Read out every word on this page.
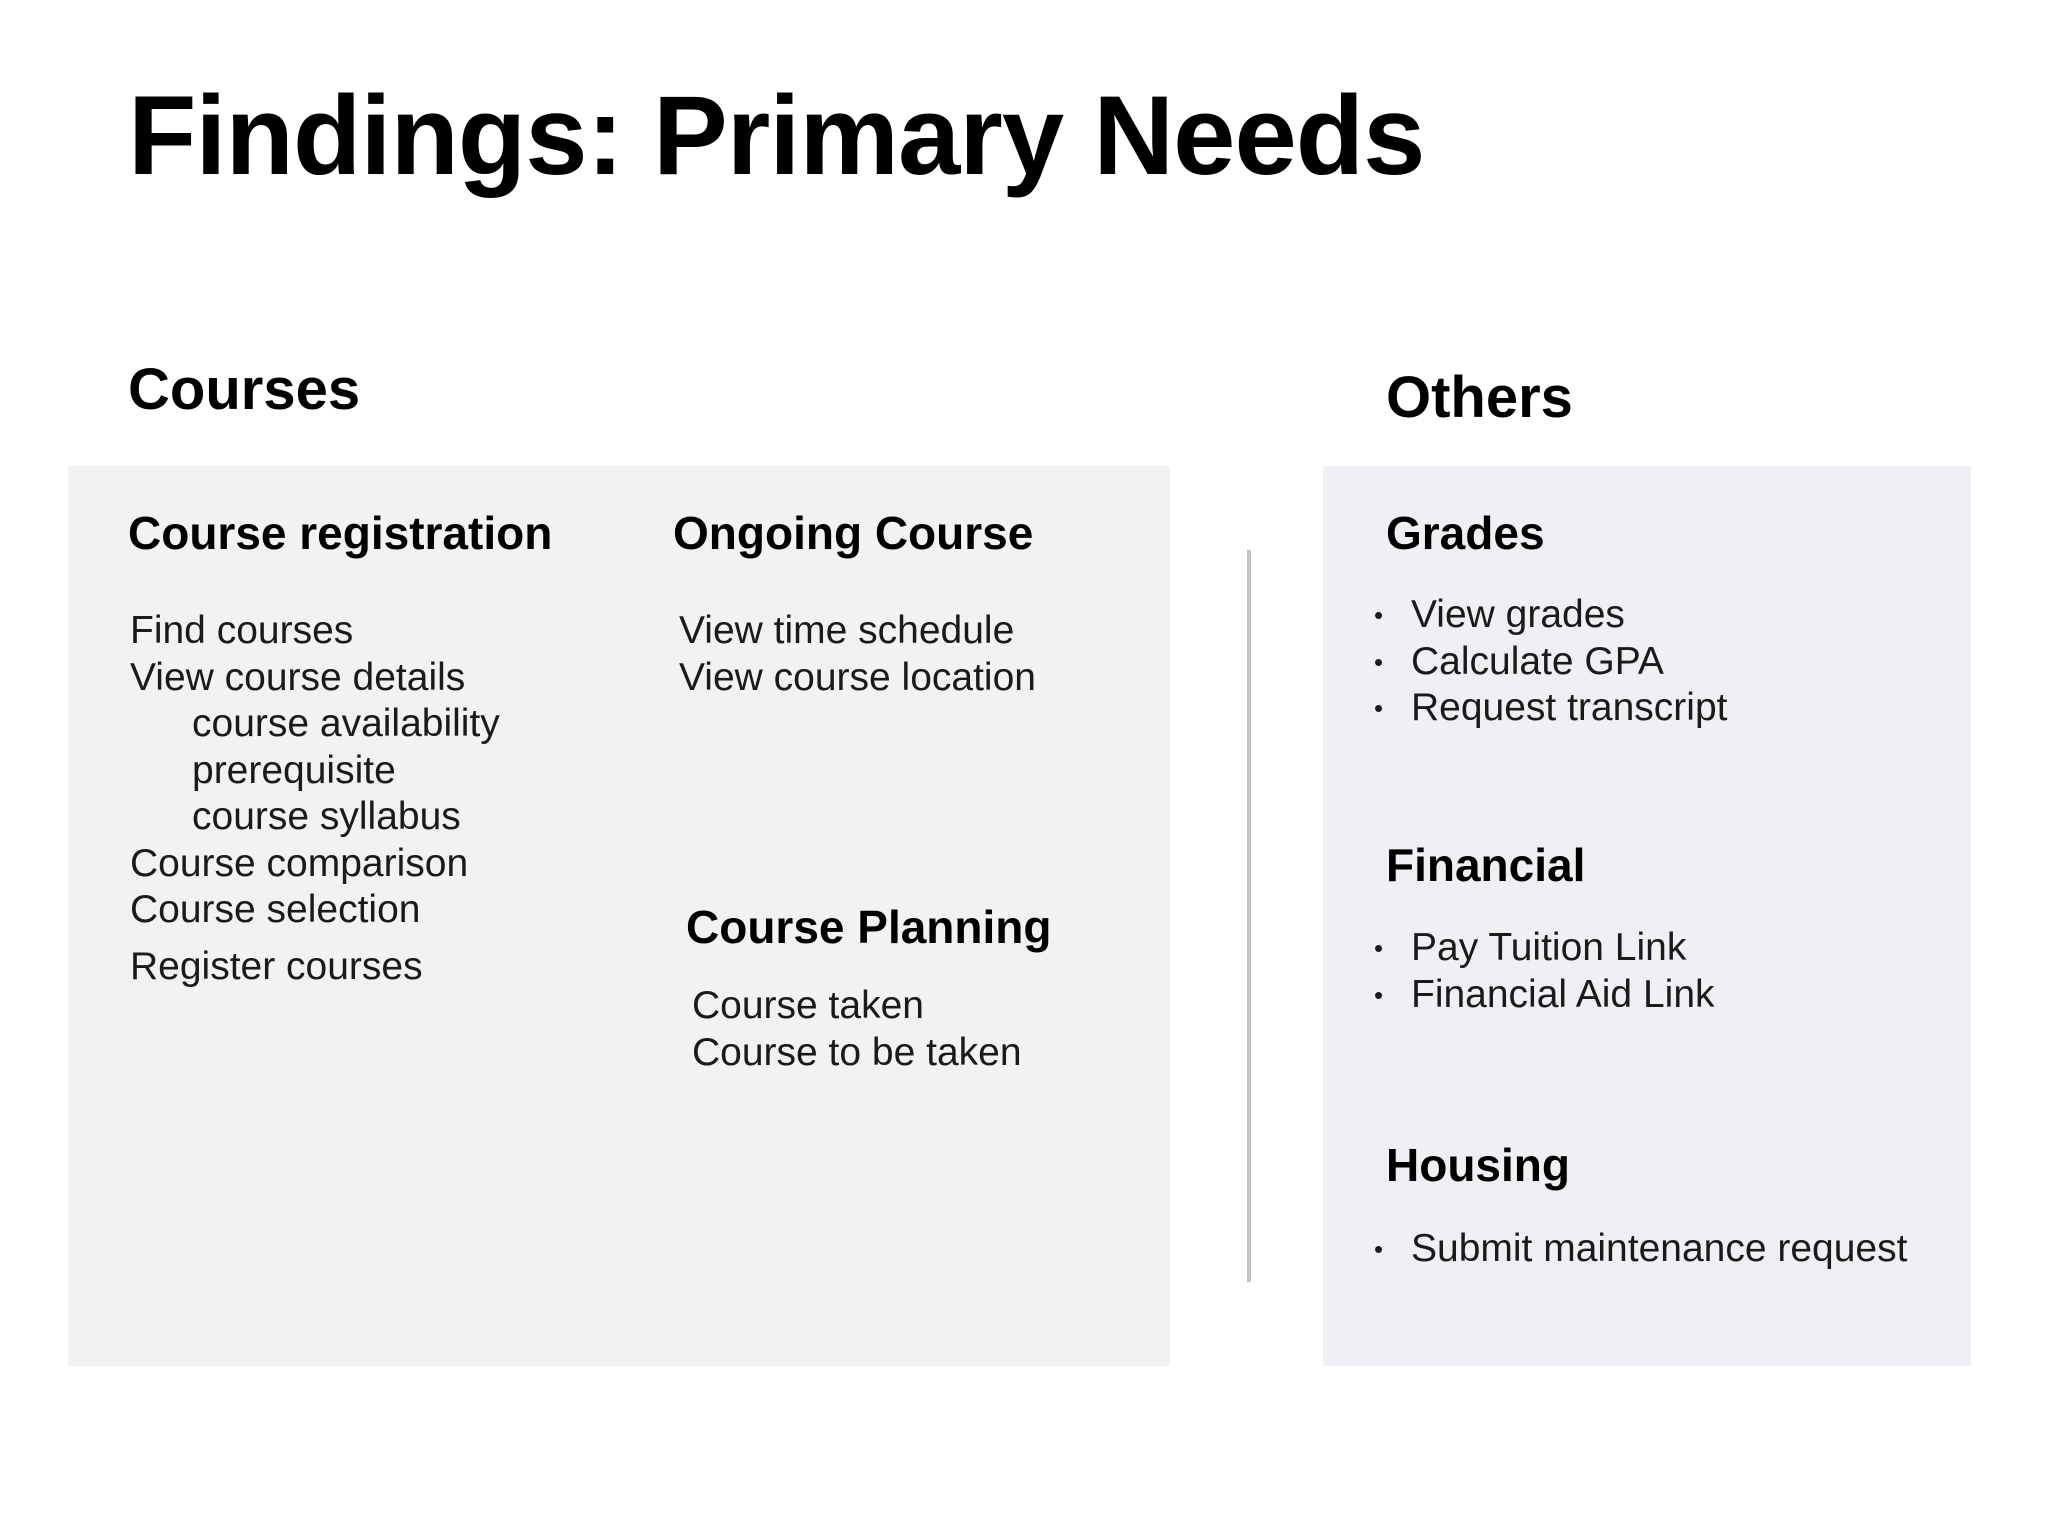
Findings: Primary Needs
Courses	Others
Course registration
Find courses
View course details
course availability
prerequisite
course syllabus
Course comparison
Course selection
Register courses
Ongoing Course
View time schedule
View course location
Course Planning
Course taken
Course to be taken
Grades
• View grades
• Calculate GPA
• Request transcript
Financial
• Pay Tuition Link
• Financial Aid Link
Housing
• Submit maintenance request
